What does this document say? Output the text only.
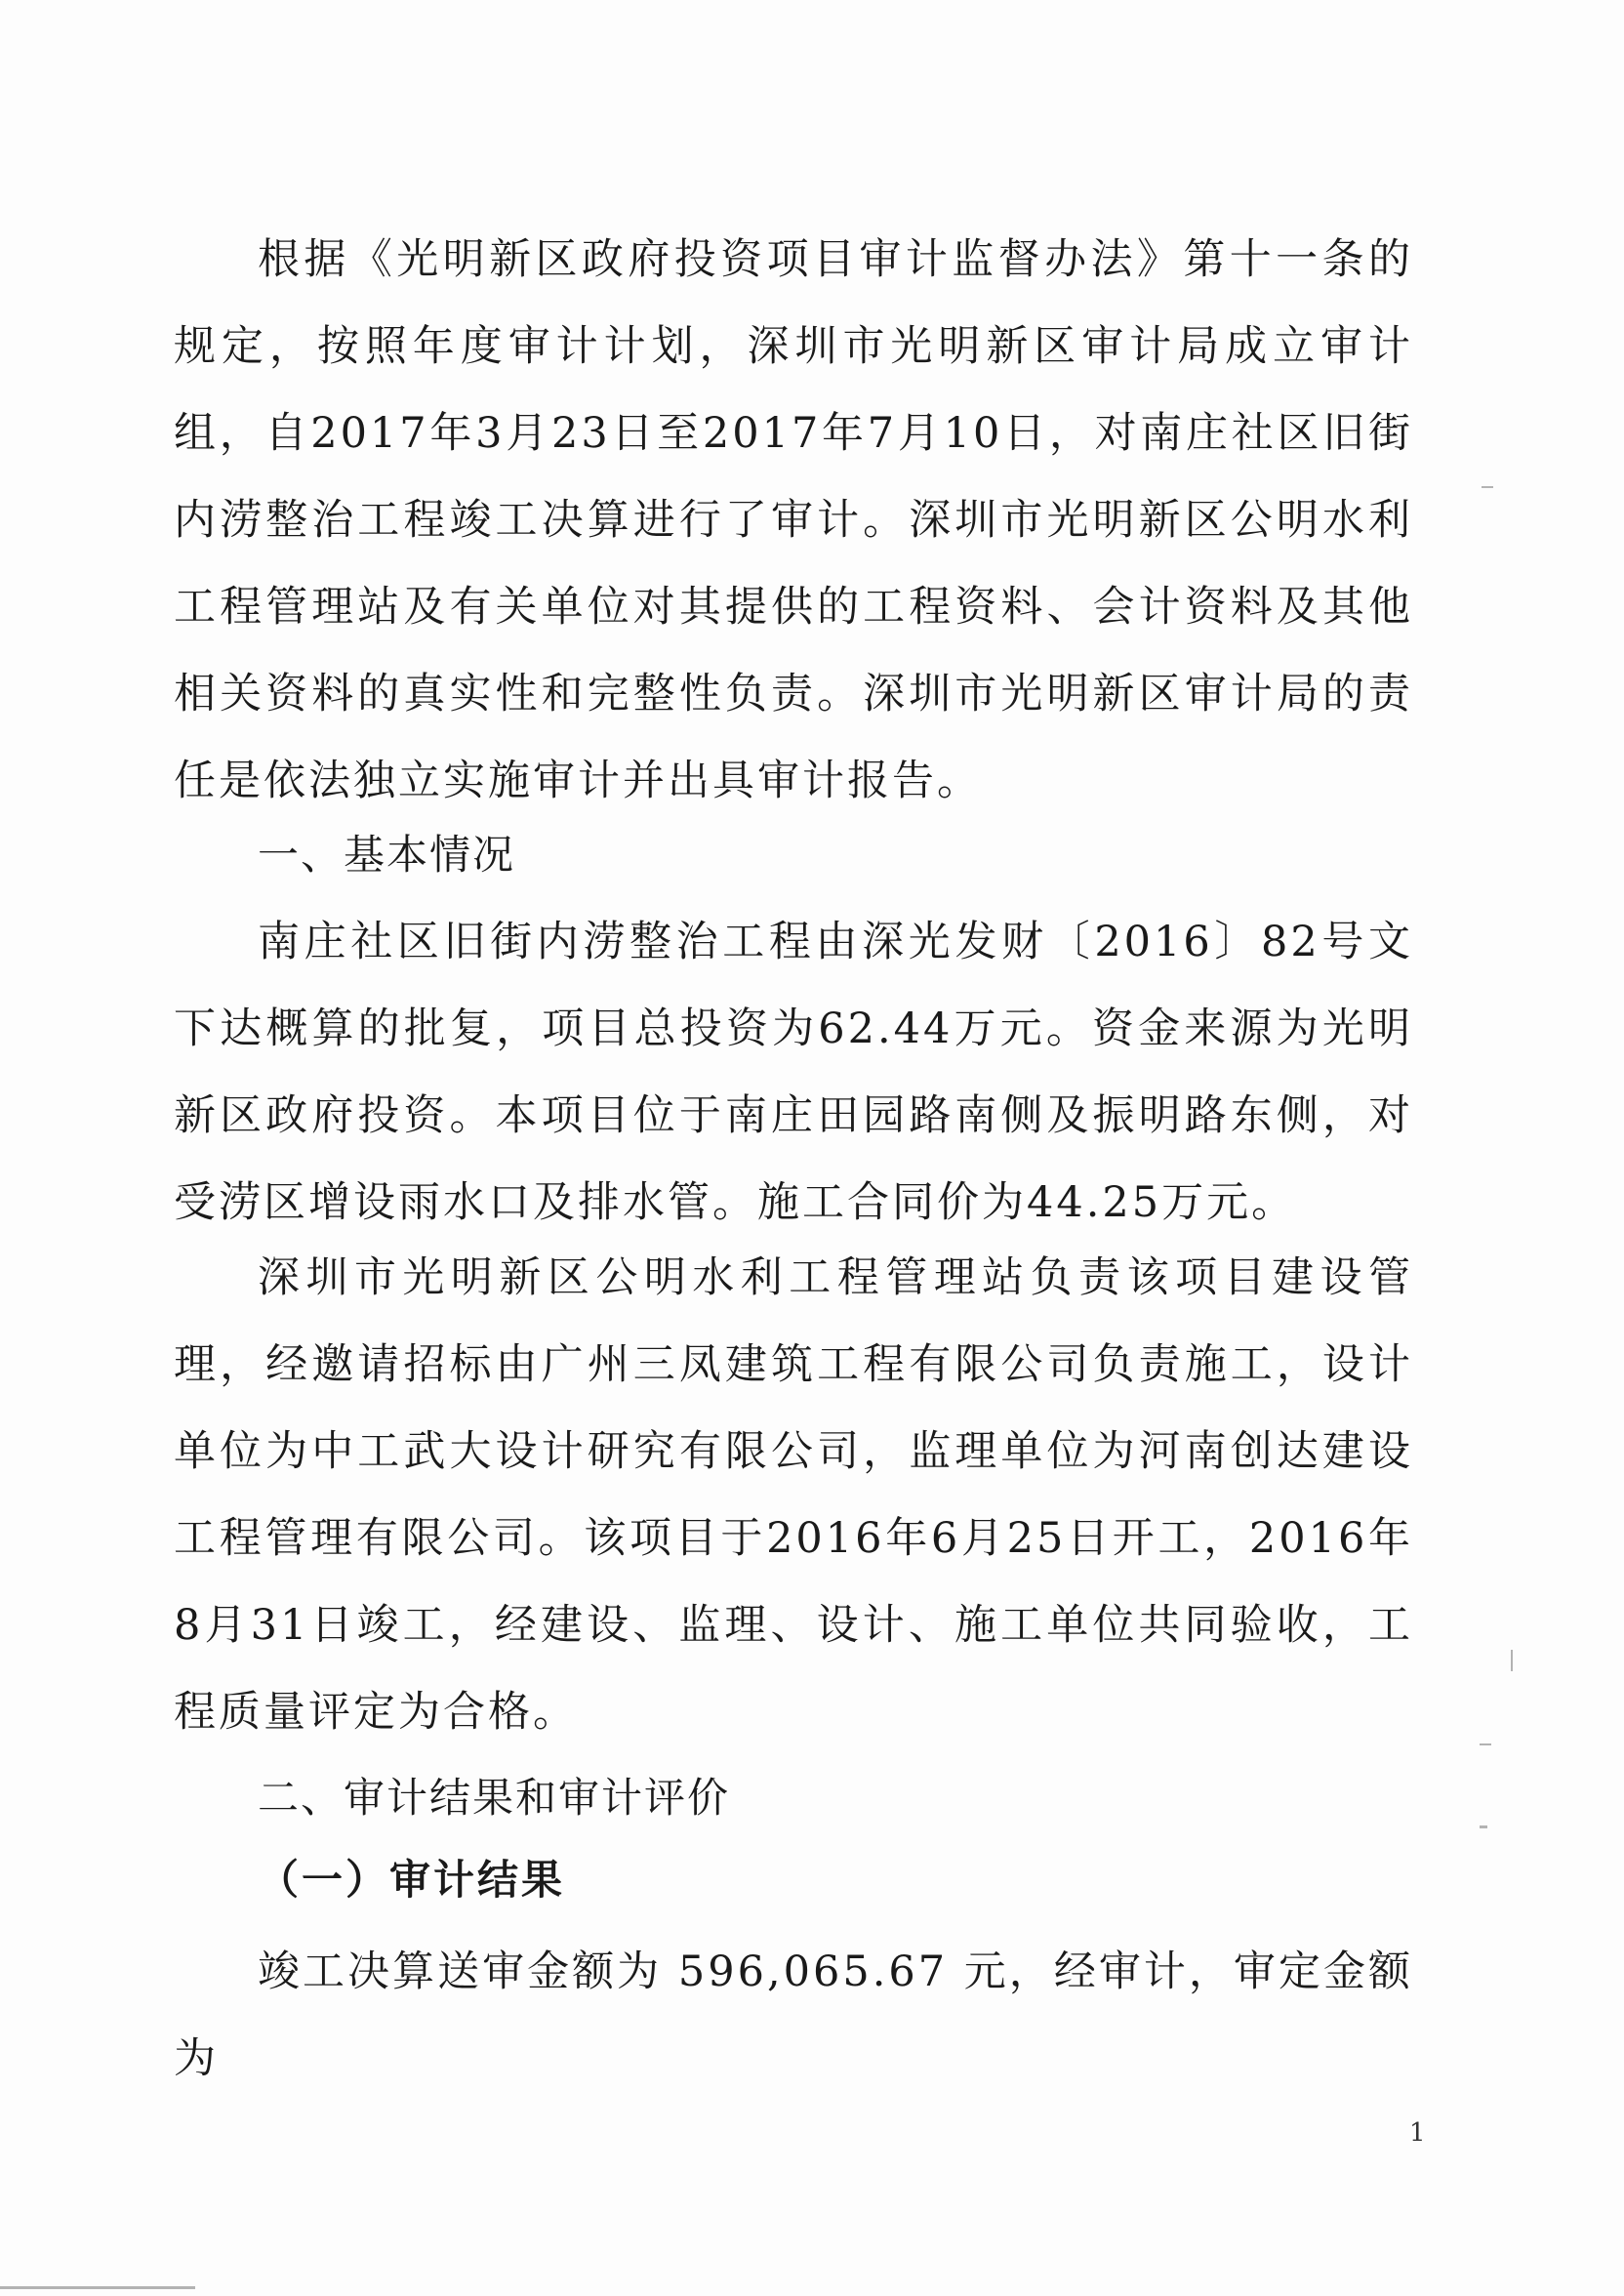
根据《光明新区政府投资项目审计监督办法》第十一条的规定，按照年度审计计划，深圳市光明新区审计局成立审计组，自2017年3月23日至2017年7月10日，对南庄社区旧街内涝整治工程竣工决算进行了审计。深圳市光明新区公明水利工程管理站及有关单位对其提供的工程资料、会计资料及其他相关资料的真实性和完整性负责。深圳市光明新区审计局的责任是依法独立实施审计并出具审计报告。

一、基本情况

南庄社区旧街内涝整治工程由深光发财〔2016〕82号文下达概算的批复，项目总投资为62.44万元。资金来源为光明新区政府投资。本项目位于南庄田园路南侧及振明路东侧，对受涝区增设雨水口及排水管。施工合同价为44.25万元。

深圳市光明新区公明水利工程管理站负责该项目建设管理，经邀请招标由广州三凤建筑工程有限公司负责施工，设计单位为中工武大设计研究有限公司，监理单位为河南创达建设工程管理有限公司。该项目于2016年6月25日开工，2016年8月31日竣工，经建设、监理、设计、施工单位共同验收，工程质量评定为合格。

二、审计结果和审计评价
（一）审计结果

竣工决算送审金额为 596,065.67 元，经审计，审定金额为

1
